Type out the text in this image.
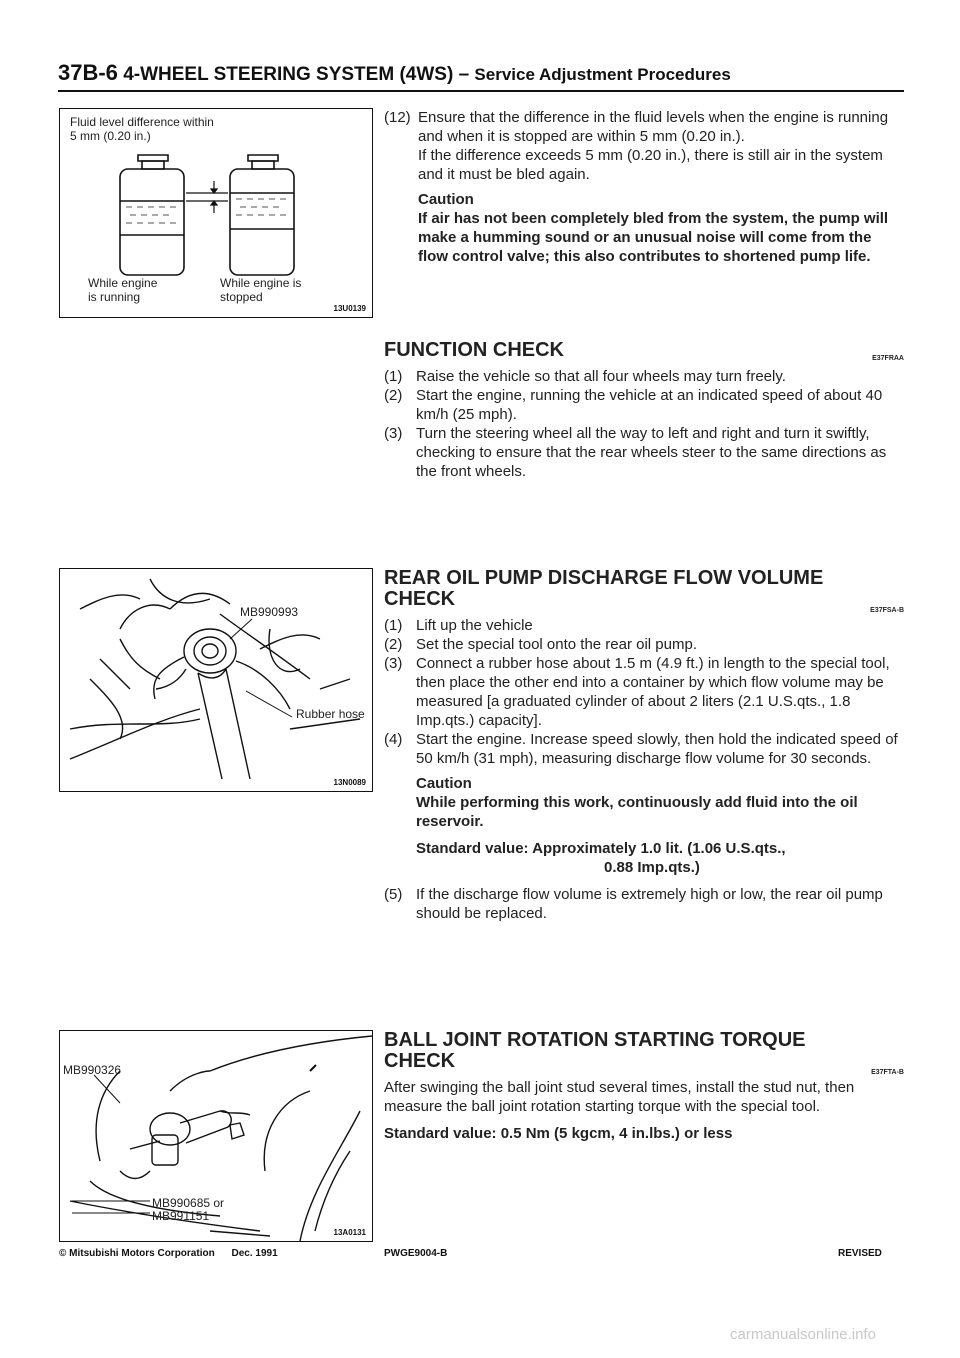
37B-6 4-WHEEL STEERING SYSTEM (4WS) – Service Adjustment Procedures
Fluid level difference within
5 mm (0.20 in.)
While engine
is running
While engine is
stopped
13U0139
MB990993
Rubber hose
13N0089
MB990326
MB990685 or
MB991151
13A0131

(12) Ensure that the difference in the fluid levels when the engine is running and when it is stopped are within 5 mm (0.20 in.).

If the difference exceeds 5 mm (0.20 in.), there is still air in the system and it must be bled again.

Caution

If air has not been completely bled from the system, the pump will make a humming sound or an unusual noise will come from the flow control valve; this also contributes to shortened pump life.

FUNCTION CHECK	E37FRAA

(1) Raise the vehicle so that all four wheels may turn freely.

(2) Start the engine, running the vehicle at an indicated speed of about 40 km/h (25 mph).

(3) Turn the steering wheel all the way to left and right and turn it swiftly, checking to ensure that the rear wheels steer to the same directions as the front wheels.

REAR OIL PUMP DISCHARGE FLOW VOLUME
CHECK
E37FSA-B

(1) Lift up the vehicle

(2) Set the special tool onto the rear oil pump.

(3) Connect a rubber hose about 1.5 m (4.9 ft.) in length to the special tool, then place the other end into a container by which flow volume may be measured [a graduated cylinder of about 2 liters (2.1 U.S.qts., 1.8 Imp.qts.) capacity].

(4) Start the engine. Increase speed slowly, then hold the indicated speed of 50 km/h (31 mph), measuring discharge flow volume for 30 seconds.

Caution

While performing this work, continuously add fluid into the oil reservoir.

Standard value: Approximately 1.0 lit. (1.06 U.S.qts.,
0.88 Imp.qts.)

(5) If the discharge flow volume is extremely high or low, the rear oil pump should be replaced.

BALL JOINT ROTATION STARTING TORQUE
CHECK
E37FTA-B

After swinging the ball joint stud several times, install the stud nut, then measure the ball joint rotation starting torque with the special tool.

Standard value: 0.5 Nm (5 kgcm, 4 in.lbs.) or less
© Mitsubishi Motors Corporation Dec. 1991	PWGE9004-B	REVISED
carmanualsonline.info
